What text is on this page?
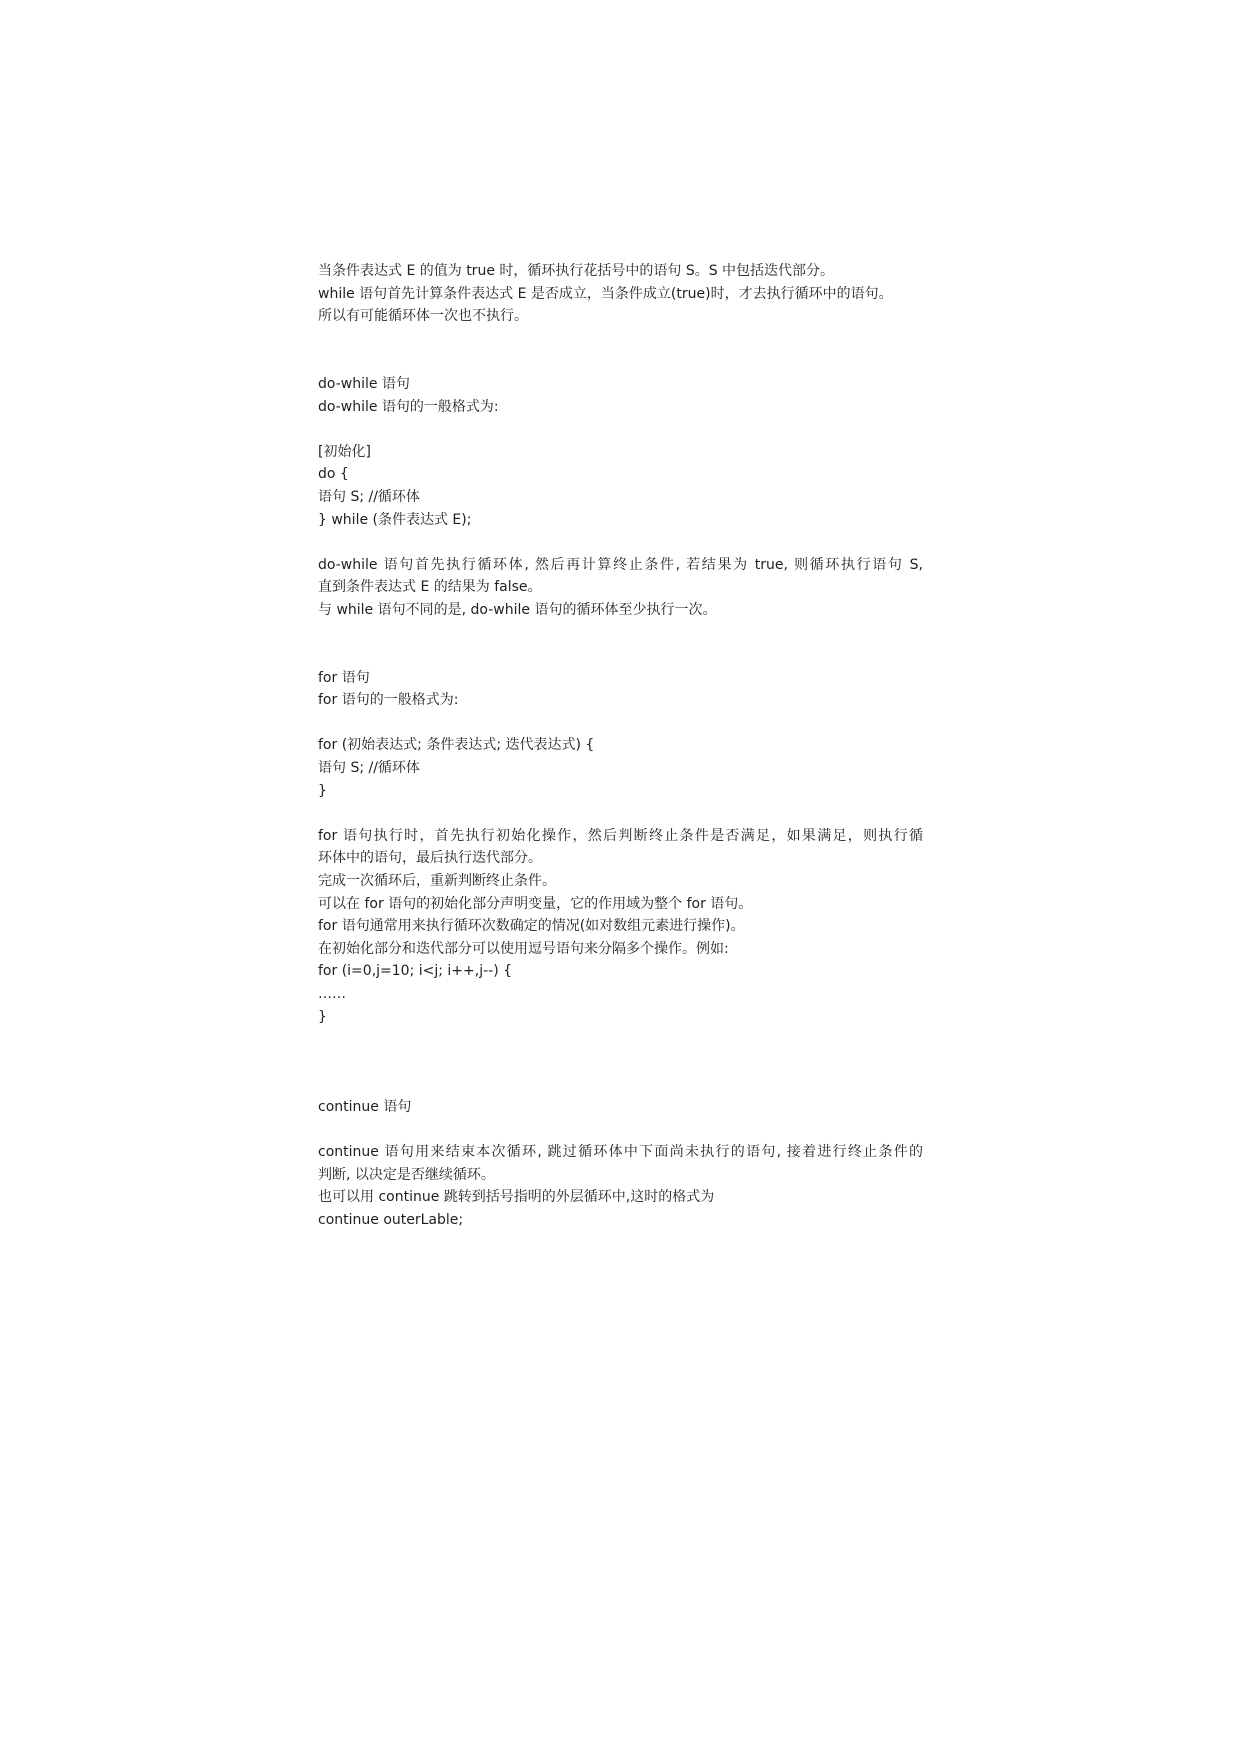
当条件表达式 E 的值为 true 时，循环执行花括号中的语句 S。S 中包括迭代部分。
while 语句首先计算条件表达式 E 是否成立，当条件成立(true)时，才去执行循环中的语句。
所以有可能循环体一次也不执行。
do-while 语句
do-while 语句的一般格式为:
[初始化]
do {
语句 S; //循环体
} while (条件表达式 E);
do-while 语句首先执行循环体, 然后再计算终止条件, 若结果为 true, 则循环执行语句 S,
直到条件表达式 E 的结果为 false。
与 while 语句不同的是, do-while 语句的循环体至少执行一次。
for 语句
for 语句的一般格式为:
for (初始表达式; 条件表达式; 迭代表达式) {
语句 S; //循环体
}
for 语句执行时，首先执行初始化操作，然后判断终止条件是否满足，如果满足，则执行循
环体中的语句，最后执行迭代部分。
完成一次循环后，重新判断终止条件。
可以在 for 语句的初始化部分声明变量，它的作用域为整个 for 语句。
for 语句通常用来执行循环次数确定的情况(如对数组元素进行操作)。
在初始化部分和迭代部分可以使用逗号语句来分隔多个操作。例如:
for (i=0,j=10; i<j; i++,j--) {
……
}
continue 语句
continue 语句用来结束本次循环, 跳过循环体中下面尚未执行的语句, 接着进行终止条件的
判断, 以决定是否继续循环。
也可以用 continue 跳转到括号指明的外层循环中,这时的格式为
continue outerLable;
